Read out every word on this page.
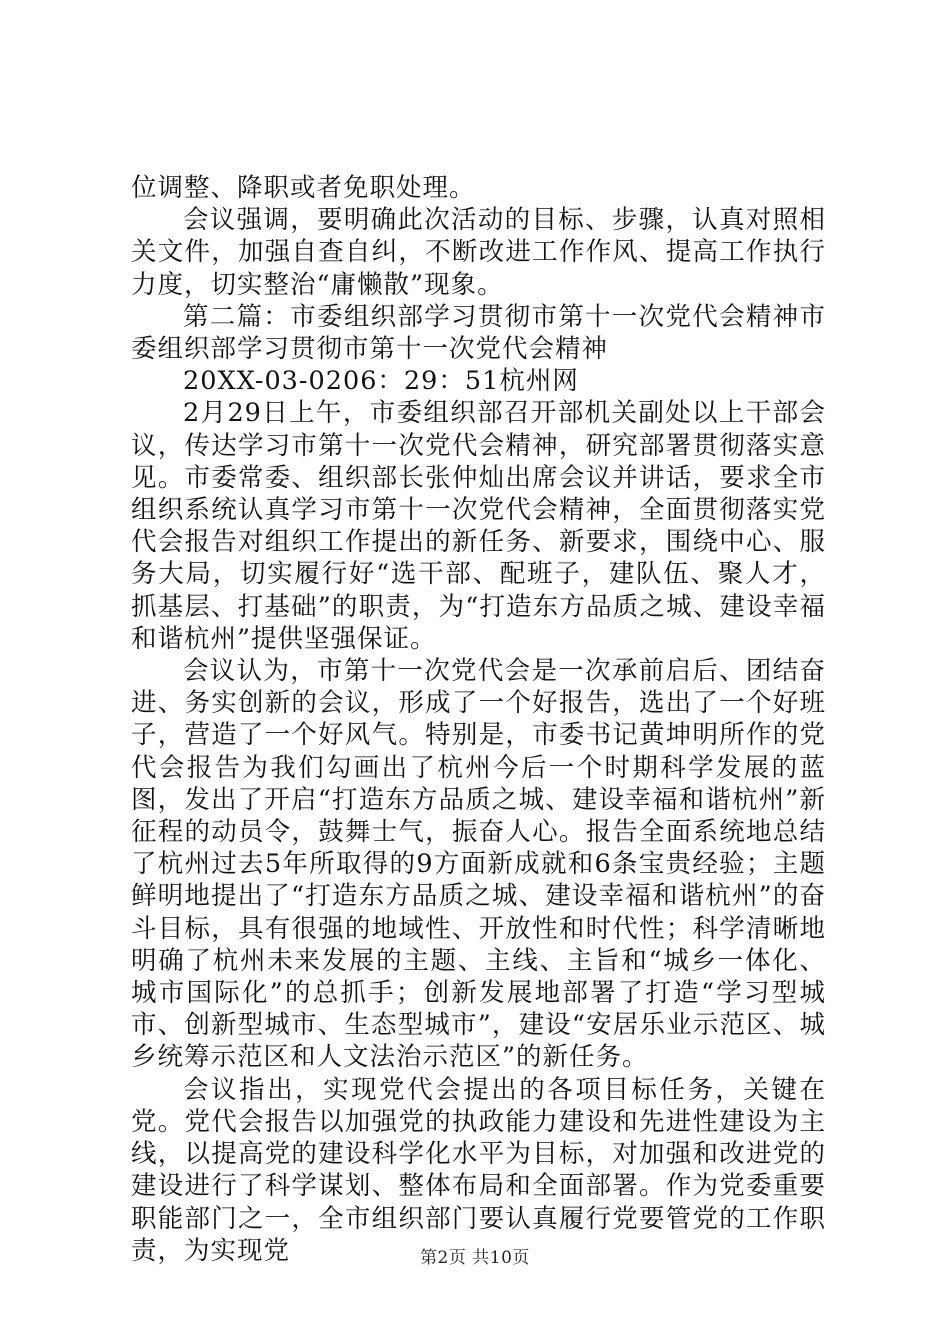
位调整、降职或者免职处理。

会议强调，要明确此次活动的目标、步骤，认真对照相关文件，加强自查自纠，不断改进工作作风、提高工作执行力度，切实整治“庸懒散”现象。

第二篇：市委组织部学习贯彻市第十一次党代会精神市委组织部学习贯彻市第十一次党代会精神

20XX-03-0206：29：51杭州网

2月29日上午，市委组织部召开部机关副处以上干部会议，传达学习市第十一次党代会精神，研究部署贯彻落实意见。市委常委、组织部长张仲灿出席会议并讲话，要求全市组织系统认真学习市第十一次党代会精神，全面贯彻落实党代会报告对组织工作提出的新任务、新要求，围绕中心、服务大局，切实履行好“选干部、配班子，建队伍、聚人才，抓基层、打基础”的职责，为“打造东方品质之城、建设幸福和谐杭州”提供坚强保证。

会议认为，市第十一次党代会是一次承前启后、团结奋进、务实创新的会议，形成了一个好报告，选出了一个好班子，营造了一个好风气。特别是，市委书记黄坤明所作的党代会报告为我们勾画出了杭州今后一个时期科学发展的蓝图，发出了开启“打造东方品质之城、建设幸福和谐杭州”新征程的动员令，鼓舞士气，振奋人心。报告全面系统地总结了杭州过去5年所取得的9方面新成就和6条宝贵经验；主题鲜明地提出了“打造东方品质之城、建设幸福和谐杭州”的奋斗目标，具有很强的地域性、开放性和时代性；科学清晰地明确了杭州未来发展的主题、主线、主旨和“城乡一体化、城市国际化”的总抓手；创新发展地部署了打造“学习型城市、创新型城市、生态型城市”，建设“安居乐业示范区、城乡统筹示范区和人文法治示范区”的新任务。

会议指出，实现党代会提出的各项目标任务，关键在党。党代会报告以加强党的执政能力建设和先进性建设为主线，以提高党的建设科学化水平为目标，对加强和改进党的建设进行了科学谋划、整体布局和全面部署。作为党委重要职能部门之一，全市组织部门要认真履行党要管党的工作职责，为实现党	第2页 共10页
